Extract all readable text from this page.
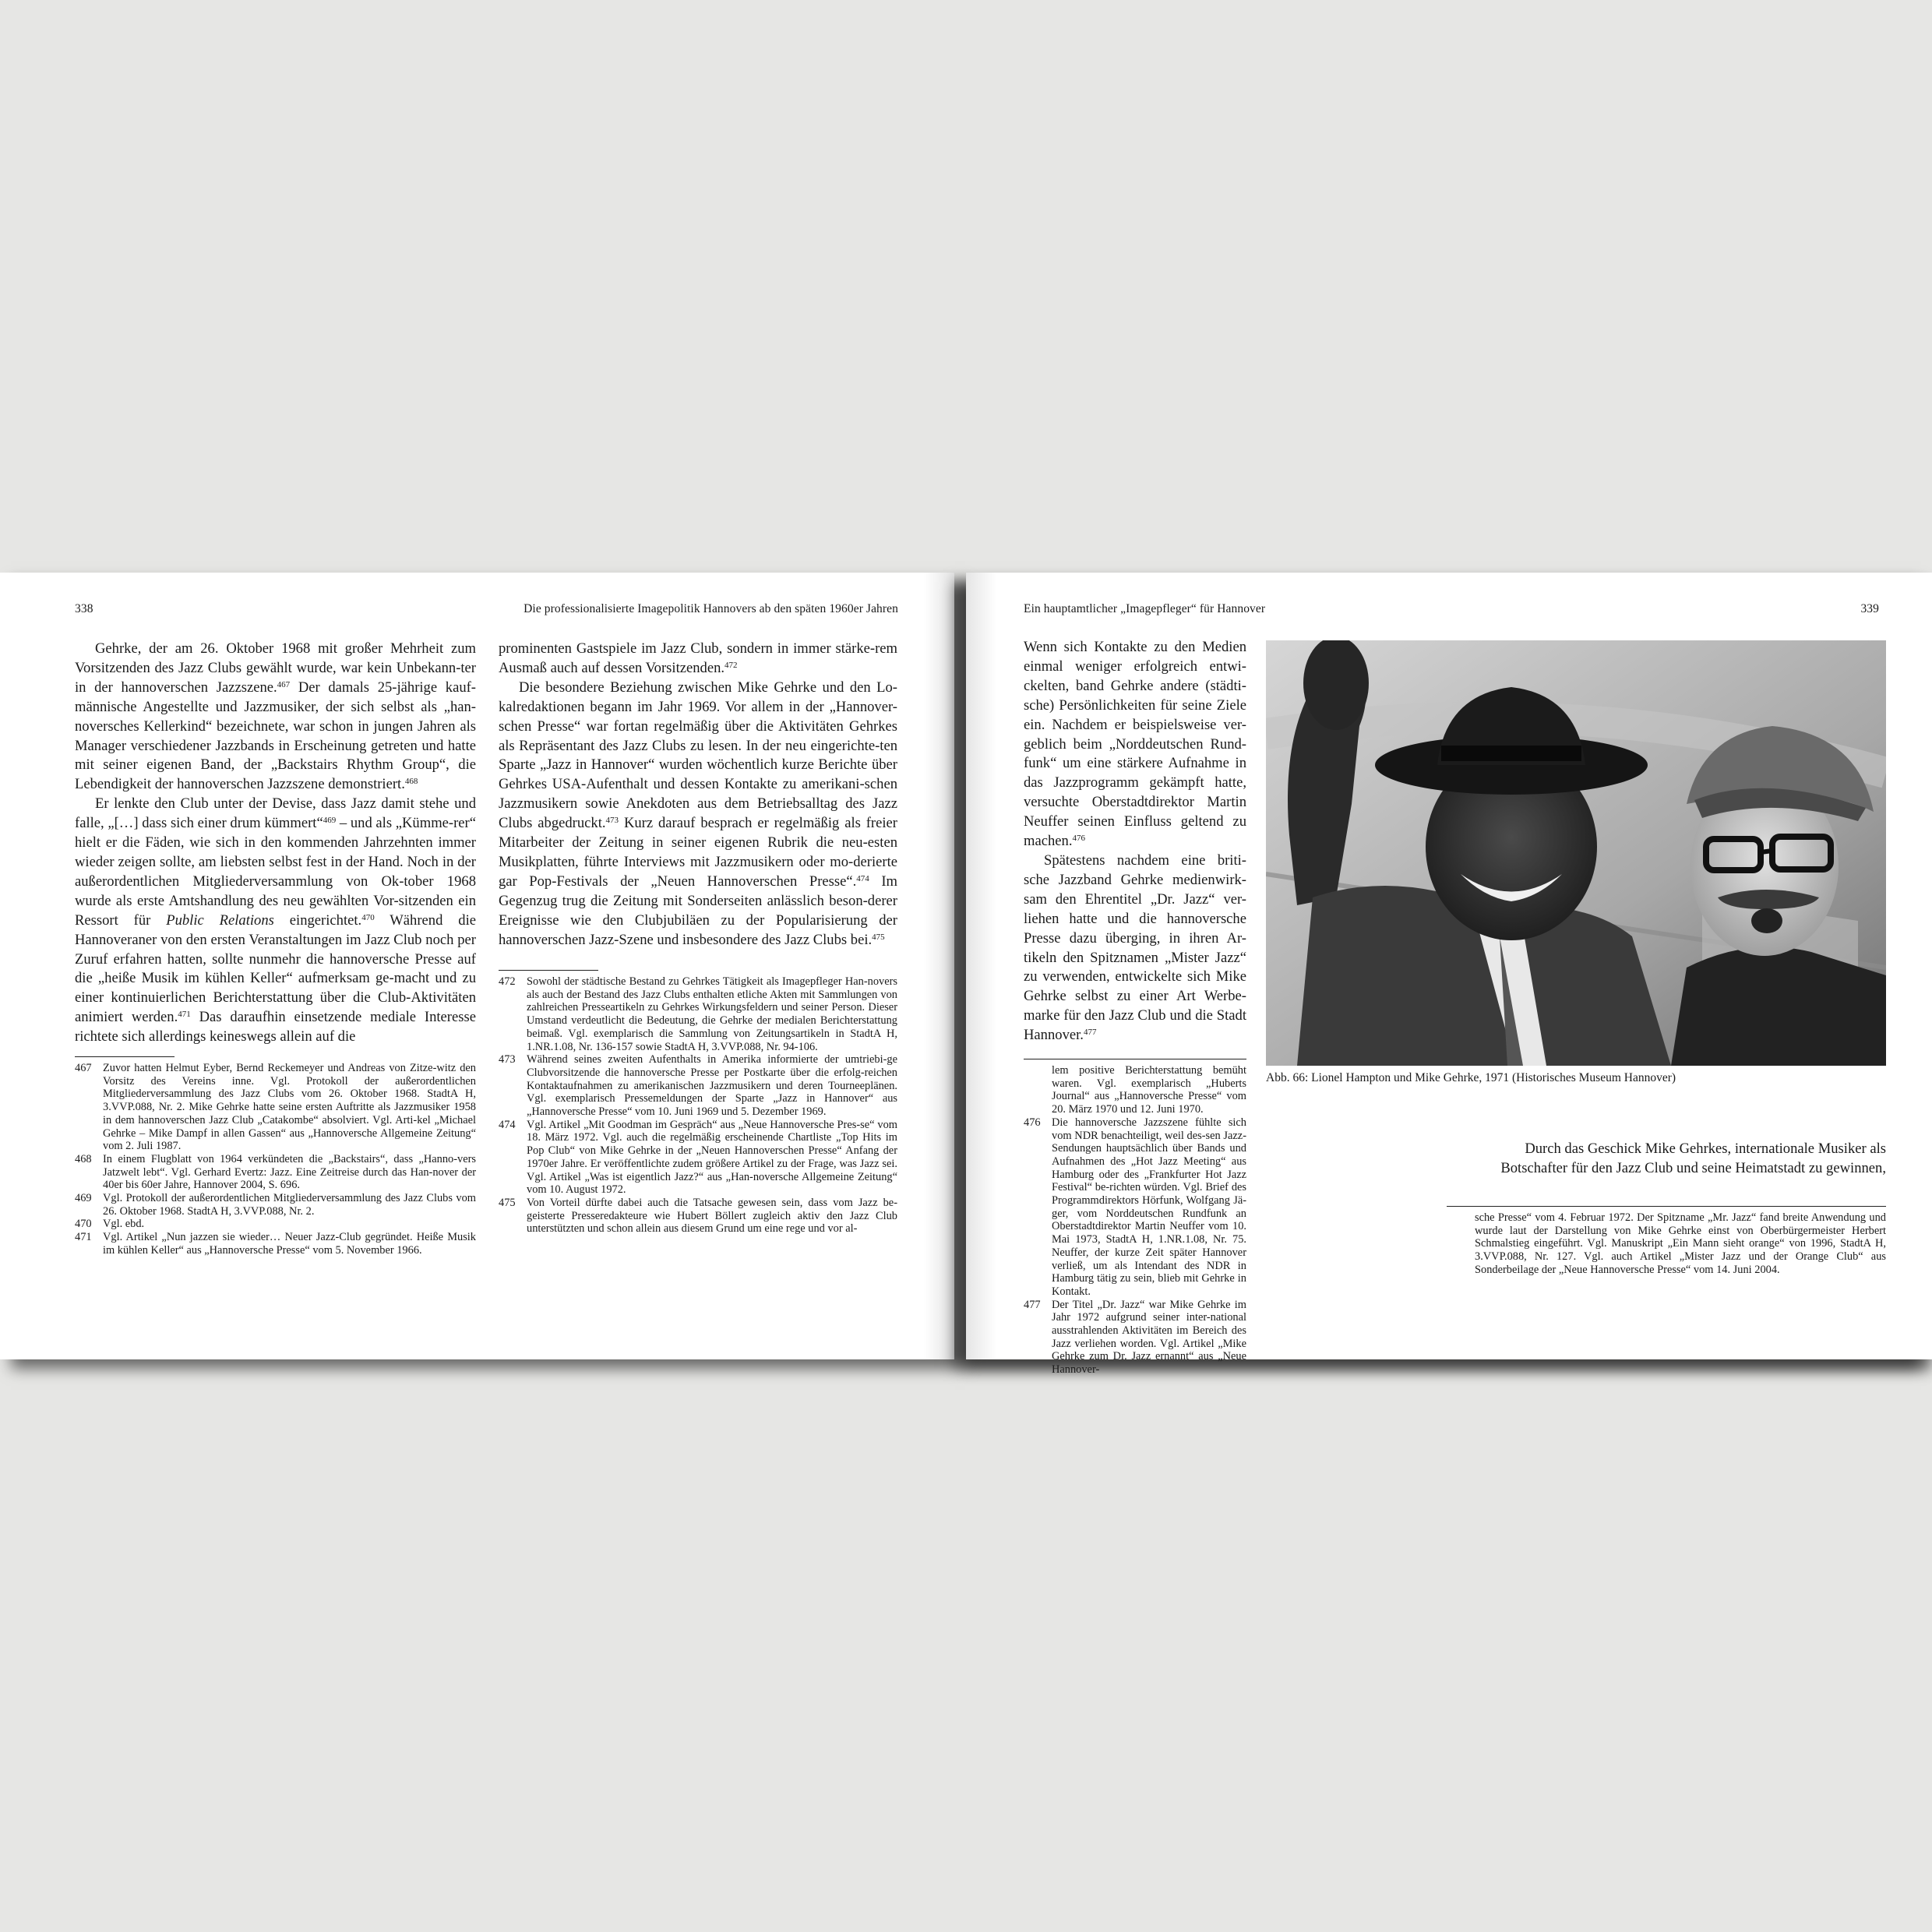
338	Die professionalisierte Imagepolitik Hannovers ab den späten 1960er Jahren

Gehrke, der am 26. Oktober 1968 mit großer Mehrheit zum Vorsitzenden des Jazz Clubs gewählt wurde, war kein Unbekann-ter in der hannoverschen Jazzszene.$^{467}$ Der damals 25-jährige kauf-männische Angestellte und Jazzmusiker, der sich selbst als „han-noversches Kellerkind“ bezeichnete, war schon in jungen Jahren als Manager verschiedener Jazzbands in Erscheinung getreten und hatte mit seiner eigenen Band, der „Backstairs Rhythm Group“, die Lebendigkeit der hannoverschen Jazzszene demonstriert.$^{468}$

Er lenkte den Club unter der Devise, dass Jazz damit stehe und falle, „[…] dass sich einer drum kümmert“$^{469}$ – und als „Kümme-rer“ hielt er die Fäden, wie sich in den kommenden Jahrzehnten immer wieder zeigen sollte, am liebsten selbst fest in der Hand. Noch in der außerordentlichen Mitgliederversammlung von Ok-tober 1968 wurde als erste Amtshandlung des neu gewählten Vor-sitzenden ein Ressort für Public Relations eingerichtet.$^{470}$ Während die Hannoveraner von den ersten Veranstaltungen im Jazz Club noch per Zuruf erfahren hatten, sollte nunmehr die hannoversche Presse auf die „heiße Musik im kühlen Keller“ aufmerksam ge-macht und zu einer kontinuierlichen Berichterstattung über die Club-Aktivitäten animiert werden.$^{471}$ Das daraufhin einsetzende mediale Interesse richtete sich allerdings keineswegs allein auf die

467	Zuvor hatten Helmut Eyber, Bernd Reckemeyer und Andreas von Zitze-witz den Vorsitz des Vereins inne. Vgl. Protokoll der außerordentlichen Mitgliederversammlung des Jazz Clubs vom 26. Oktober 1968. StadtA H, 3.VVP.088, Nr. 2. Mike Gehrke hatte seine ersten Auftritte als Jazzmusiker 1958 in dem hannoverschen Jazz Club „Catakombe“ absolviert. Vgl. Arti-kel „Michael Gehrke – Mike Dampf in allen Gassen“ aus „Hannoversche Allgemeine Zeitung“ vom 2. Juli 1987.
468	In einem Flugblatt von 1964 verkündeten die „Backstairs“, dass „Hanno-vers Jatzwelt lebt“. Vgl. Gerhard Evertz: Jazz. Eine Zeitreise durch das Han-nover der 40er bis 60er Jahre, Hannover 2004, S. 696.
469	Vgl. Protokoll der außerordentlichen Mitgliederversammlung des Jazz Clubs vom 26. Oktober 1968. StadtA H, 3.VVP.088, Nr. 2.
470	Vgl. ebd.
471	Vgl. Artikel „Nun jazzen sie wieder… Neuer Jazz-Club gegründet. Heiße Musik im kühlen Keller“ aus „Hannoversche Presse“ vom 5. November 1966.

prominenten Gastspiele im Jazz Club, sondern in immer stärke-rem Ausmaß auch auf dessen Vorsitzenden.$^{472}$

Die besondere Beziehung zwischen Mike Gehrke und den Lo-kalredaktionen begann im Jahr 1969. Vor allem in der „Hannover-schen Presse“ war fortan regelmäßig über die Aktivitäten Gehrkes als Repräsentant des Jazz Clubs zu lesen. In der neu eingerichte-ten Sparte „Jazz in Hannover“ wurden wöchentlich kurze Berichte über Gehrkes USA-Aufenthalt und dessen Kontakte zu amerikani-schen Jazzmusikern sowie Anekdoten aus dem Betriebsalltag des Jazz Clubs abgedruckt.$^{473}$ Kurz darauf besprach er regelmäßig als freier Mitarbeiter der Zeitung in seiner eigenen Rubrik die neu-esten Musikplatten, führte Interviews mit Jazzmusikern oder mo-derierte gar Pop-Festivals der „Neuen Hannoverschen Presse“.$^{474}$ Im Gegenzug trug die Zeitung mit Sonderseiten anlässlich beson-derer Ereignisse wie den Clubjubiläen zu der Popularisierung der hannoverschen Jazz-Szene und insbesondere des Jazz Clubs bei.$^{475}$

472	Sowohl der städtische Bestand zu Gehrkes Tätigkeit als Imagepfleger Han-novers als auch der Bestand des Jazz Clubs enthalten etliche Akten mit Sammlungen von zahlreichen Presseartikeln zu Gehrkes Wirkungsfeldern und seiner Person. Dieser Umstand verdeutlicht die Bedeutung, die Gehrke der medialen Berichterstattung beimaß. Vgl. exemplarisch die Sammlung von Zeitungsartikeln in StadtA H, 1.NR.1.08, Nr. 136-157 sowie StadtA H, 3.VVP.088, Nr. 94-106.
473	Während seines zweiten Aufenthalts in Amerika informierte der umtriebi-ge Clubvorsitzende die hannoversche Presse per Postkarte über die erfolg-reichen Kontaktaufnahmen zu amerikanischen Jazzmusikern und deren Tourneeplänen. Vgl. exemplarisch Pressemeldungen der Sparte „Jazz in Hannover“ aus „Hannoversche Presse“ vom 10. Juni 1969 und 5. Dezember 1969.
474	Vgl. Artikel „Mit Goodman im Gespräch“ aus „Neue Hannoversche Pres-se“ vom 18. März 1972. Vgl. auch die regelmäßig erscheinende Chartliste „Top Hits im Pop Club“ von Mike Gehrke in der „Neuen Hannoverschen Presse“ Anfang der 1970er Jahre. Er veröffentlichte zudem größere Artikel zu der Frage, was Jazz sei. Vgl. Artikel „Was ist eigentlich Jazz?“ aus „Han-noversche Allgemeine Zeitung“ vom 10. August 1972.
475	Von Vorteil dürfte dabei auch die Tatsache gewesen sein, dass vom Jazz be-geisterte Presseredakteure wie Hubert Böllert zugleich aktiv den Jazz Club unterstützten und schon allein aus diesem Grund um eine rege und vor al-
Ein hauptamtlicher „Imagepfleger“ für Hannover	339

Wenn sich Kontakte zu den Medien einmal weniger erfolgreich entwi-ckelten, band Gehrke andere (städti-sche) Persönlichkeiten für seine Ziele ein. Nachdem er beispielsweise ver-geblich beim „Norddeutschen Rund-funk“ um eine stärkere Aufnahme in das Jazzprogramm gekämpft hatte, versuchte Oberstadtdirektor Martin Neuffer seinen Einfluss geltend zu machen.$^{476}$

Spätestens nachdem eine briti-sche Jazzband Gehrke medienwirk-sam den Ehrentitel „Dr. Jazz“ ver-liehen hatte und die hannoversche Presse dazu überging, in ihren Ar-tikeln den Spitznamen „Mister Jazz“ zu verwenden, entwickelte sich Mike Gehrke selbst zu einer Art Werbe-marke für den Jazz Club und die Stadt Hannover.$^{477}$

lem positive Berichterstattung bemüht waren. Vgl. exemplarisch „Huberts Journal“ aus „Hannoversche Presse“ vom 20. März 1970 und 12. Juni 1970.
476	Die hannoversche Jazzszene fühlte sich vom NDR benachteiligt, weil des-sen Jazz-Sendungen hauptsächlich über Bands und Aufnahmen des „Hot Jazz Meeting“ aus Hamburg oder des „Frankfurter Hot Jazz Festival“ be-richten würden. Vgl. Brief des Programmdirektors Hörfunk, Wolfgang Jä-ger, vom Norddeutschen Rundfunk an Oberstadtdirektor Martin Neuffer vom 10. Mai 1973, StadtA H, 1.NR.1.08, Nr. 75. Neuffer, der kurze Zeit später Hannover verließ, um als Intendant des NDR in Hamburg tätig zu sein, blieb mit Gehrke in Kontakt.
477	Der Titel „Dr. Jazz“ war Mike Gehrke im Jahr 1972 aufgrund seiner inter-national ausstrahlenden Aktivitäten im Bereich des Jazz verliehen worden. Vgl. Artikel „Mike Gehrke zum Dr. Jazz ernannt“ aus „Neue Hannover-
Abb. 66: Lionel Hampton und Mike Gehrke, 1971 (Historisches Museum Hannover)

Durch das Geschick Mike Gehrkes, internationale Musiker als Botschafter für den Jazz Club und seine Heimatstadt zu gewinnen,

sche Presse“ vom 4. Februar 1972. Der Spitzname „Mr. Jazz“ fand breite Anwendung und wurde laut der Darstellung von Mike Gehrke einst von Oberbürgermeister Herbert Schmalstieg eingeführt. Vgl. Manuskript „Ein Mann sieht orange“ von 1996, StadtA H, 3.VVP.088, Nr. 127. Vgl. auch Artikel „Mister Jazz und der Orange Club“ aus Sonderbeilage der „Neue Hannoversche Presse“ vom 14. Juni 2004.
